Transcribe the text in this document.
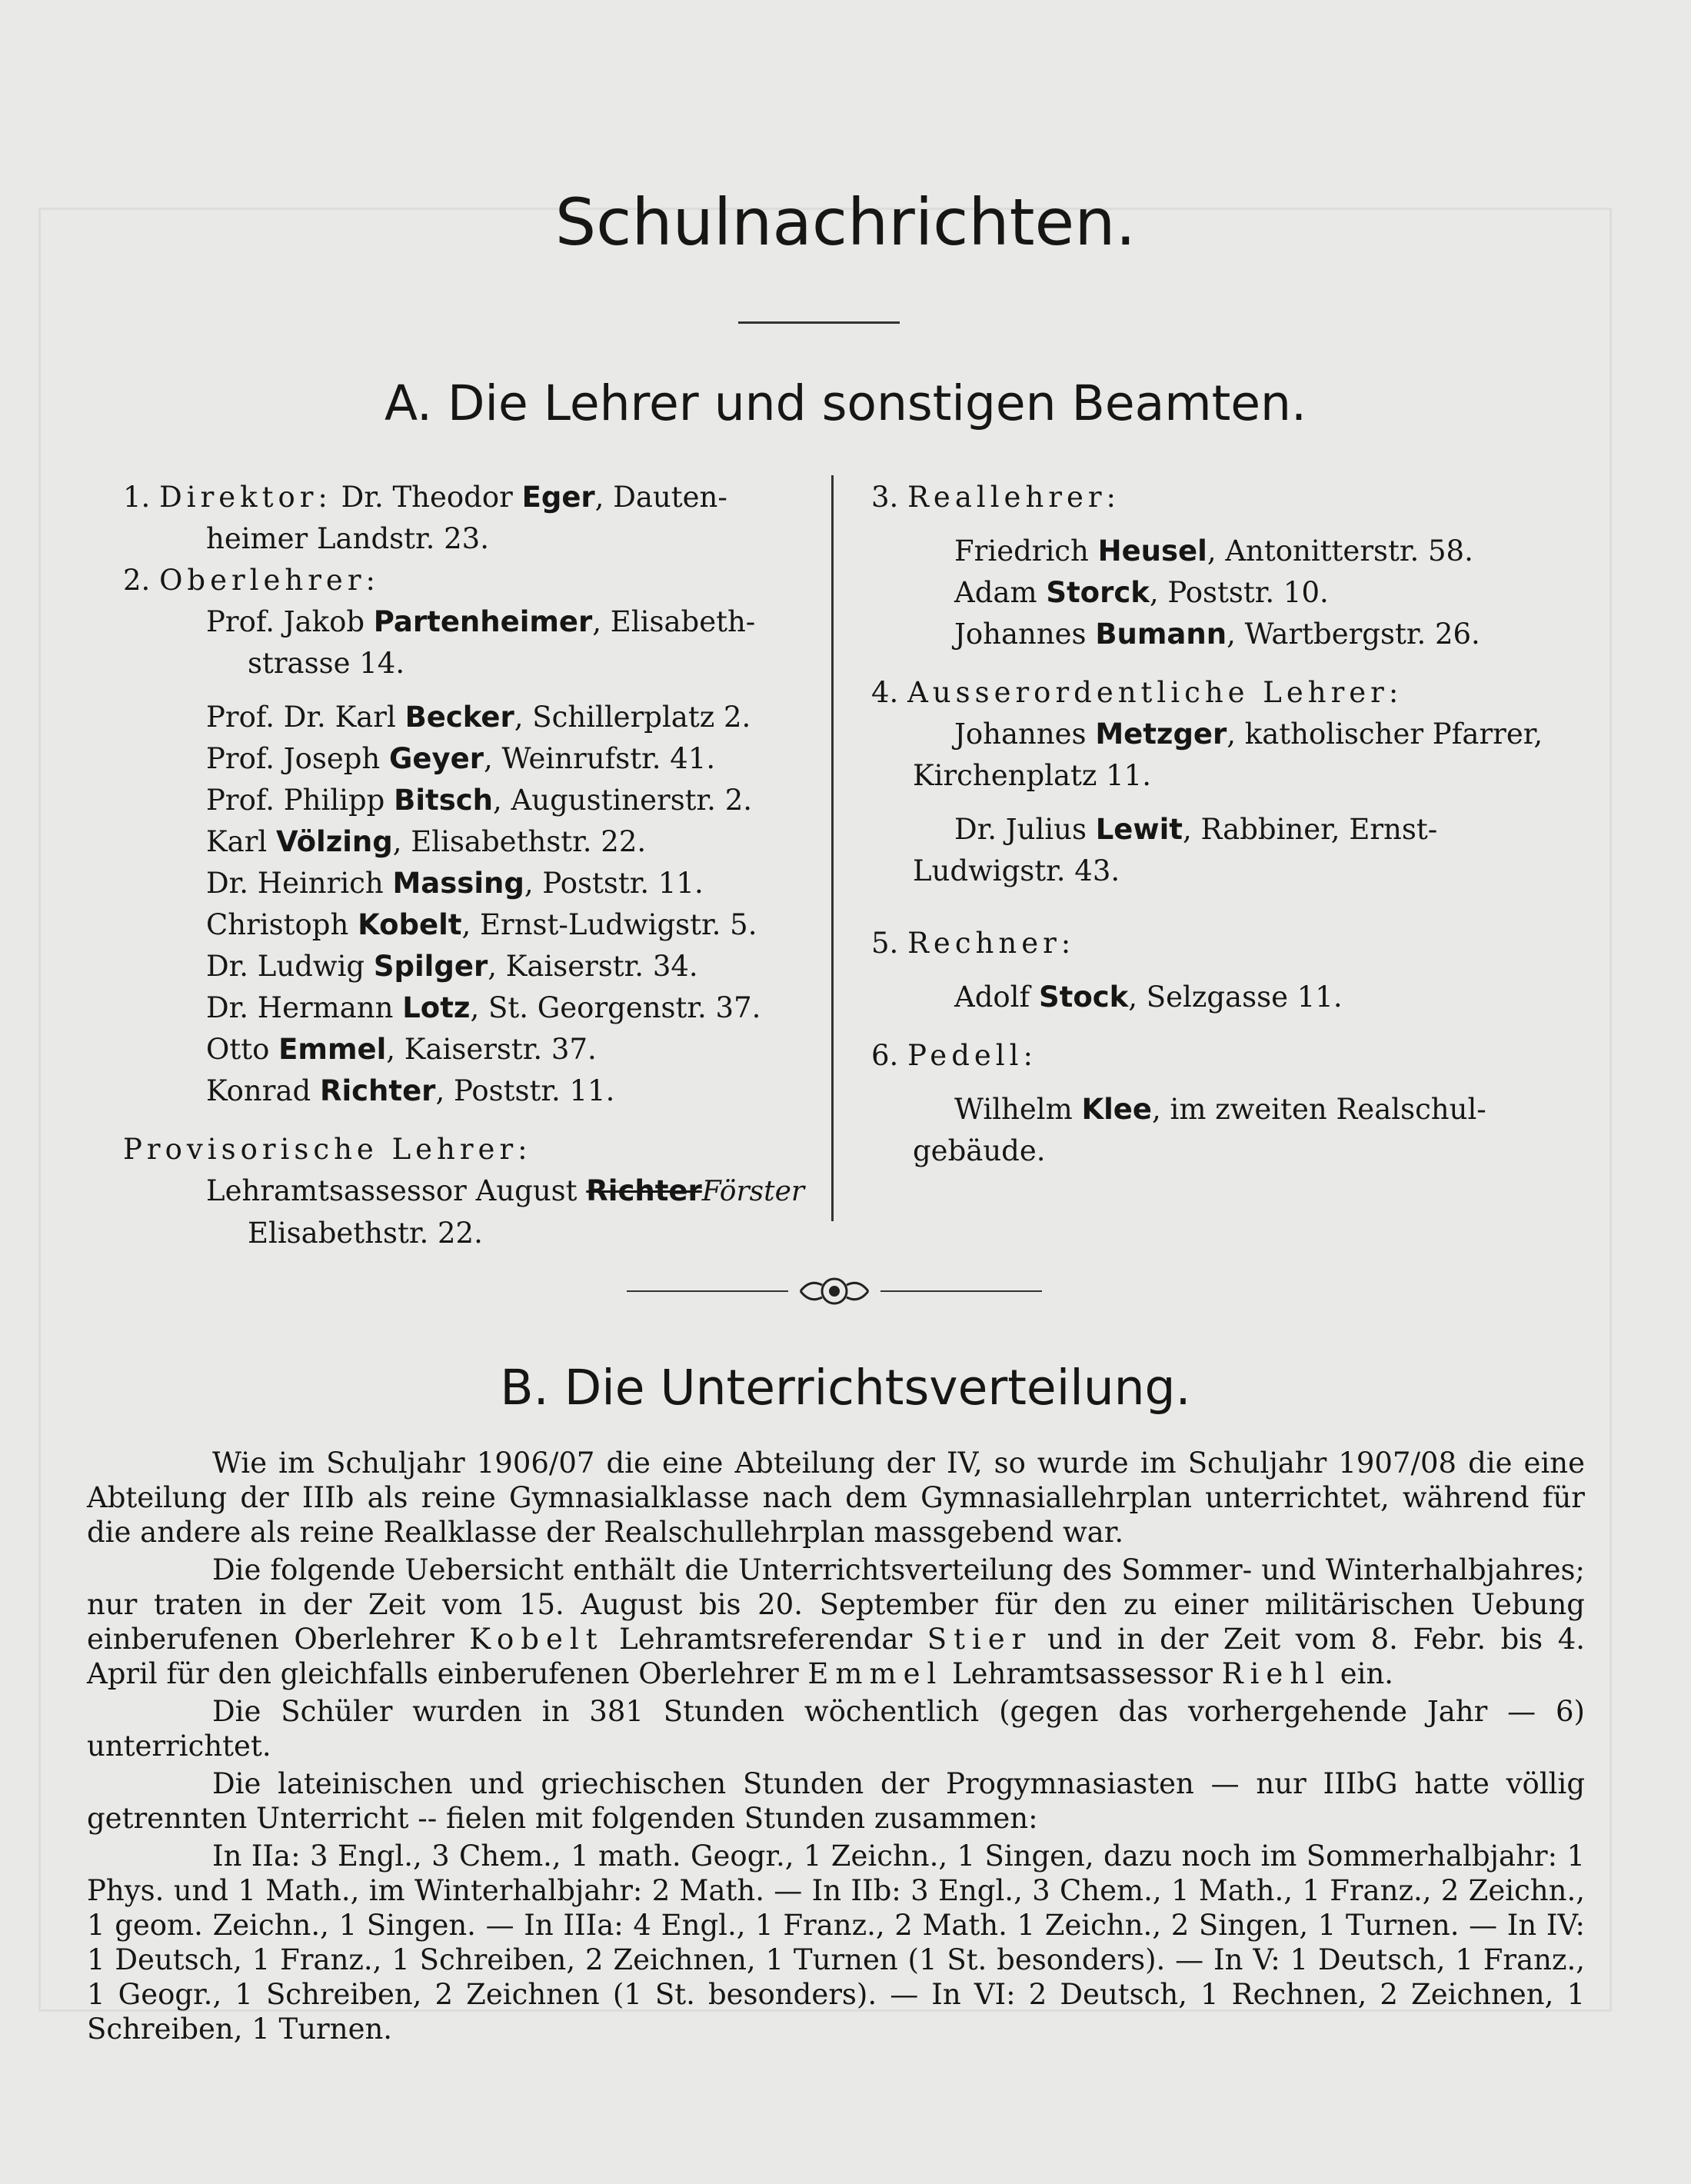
Schulnachrichten.
A. Die Lehrer und sonstigen Beamten.
1. Direktor: Dr. Theodor Eger, Dauten-
heimer Landstr. 23.
2. Oberlehrer:
Prof. Jakob Partenheimer, Elisabeth-
strasse 14.
Prof. Dr. Karl Becker, Schillerplatz 2.
Prof. Joseph Geyer, Weinrufstr. 41.
Prof. Philipp Bitsch, Augustinerstr. 2.
Karl Völzing, Elisabethstr. 22.
Dr. Heinrich Massing, Poststr. 11.
Christoph Kobelt, Ernst-Ludwigstr. 5.
Dr. Ludwig Spilger, Kaiserstr. 34.
Dr. Hermann Lotz, St. Georgenstr. 37.
Otto Emmel, Kaiserstr. 37.
Konrad Richter, Poststr. 11.
Provisorische Lehrer:
Lehramtsassessor August RichterFörster
Elisabethstr. 22.
3. Reallehrer:
Friedrich Heusel, Antonitterstr. 58.
Adam Storck, Poststr. 10.
Johannes Bumann, Wartbergstr. 26.
4. Ausserordentliche Lehrer:
Johannes Metzger, katholischer Pfarrer,
Kirchenplatz 11.
Dr. Julius Lewit, Rabbiner, Ernst-
Ludwigstr. 43.
5. Rechner:
Adolf Stock, Selzgasse 11.
6. Pedell:
Wilhelm Klee, im zweiten Realschul-
gebäude.
B. Die Unterrichtsverteilung.

Wie im Schuljahr 1906/07 die eine Abteilung der IV, so wurde im Schuljahr 1907/08 die eine Abteilung der IIIb als reine Gymnasialklasse nach dem Gymnasiallehrplan unterrichtet, während für die andere als reine Realklasse der Realschullehrplan massgebend war.

Die folgende Uebersicht enthält die Unterrichtsverteilung des Sommer- und Winterhalbjahres; nur traten in der Zeit vom 15. August bis 20. September für den zu einer militärischen Uebung einberufenen Oberlehrer Kobelt Lehramtsreferendar Stier und in der Zeit vom 8. Febr. bis 4. April für den gleichfalls einberufenen Oberlehrer Emmel Lehramtsassessor Riehl ein.

Die Schüler wurden in 381 Stunden wöchentlich (gegen das vorhergehende Jahr — 6) unterrichtet.

Die lateinischen und griechischen Stunden der Progymnasiasten — nur IIIbG hatte völlig getrennten Unterricht -- fielen mit folgenden Stunden zusammen:

In IIa: 3 Engl., 3 Chem., 1 math. Geogr., 1 Zeichn., 1 Singen, dazu noch im Sommerhalbjahr: 1 Phys. und 1 Math., im Winterhalbjahr: 2 Math. — In IIb: 3 Engl., 3 Chem., 1 Math., 1 Franz., 2 Zeichn., 1 geom. Zeichn., 1 Singen. — In IIIa: 4 Engl., 1 Franz., 2 Math. 1 Zeichn., 2 Singen, 1 Turnen. — In IV: 1 Deutsch, 1 Franz., 1 Schreiben, 2 Zeichnen, 1 Turnen (1 St. besonders). — In V: 1 Deutsch, 1 Franz., 1 Geogr., 1 Schreiben, 2 Zeichnen (1 St. besonders). — In VI: 2 Deutsch, 1 Rechnen, 2 Zeichnen, 1 Schreiben, 1 Turnen.
